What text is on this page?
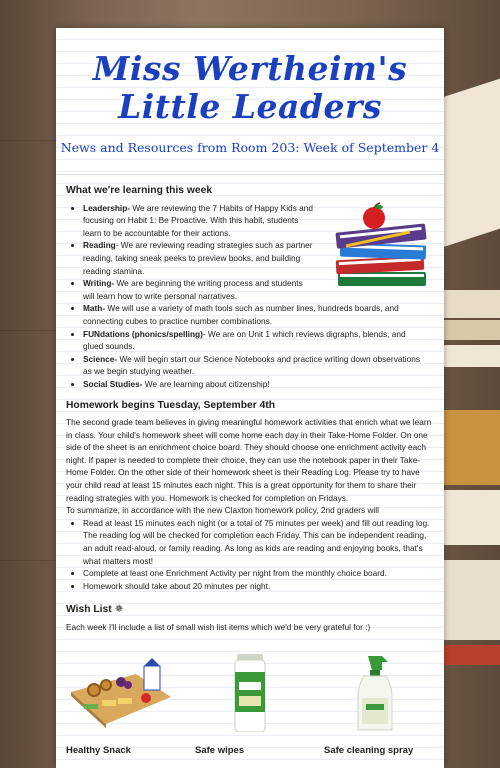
Miss Wertheim's
Little Leaders
News and Resources from Room 203: Week of September 4
What we're learning this week
• Leadership- We are reviewing the 7 Habits of Happy Kids and focusing on Habit 1: Be Proactive. With this habit, students learn to be accountable for their actions.
• Reading- We are reviewing reading strategies such as partner reading, taking sneak peeks to preview books, and building reading stamina.
• Writing- We are beginning the writing process and students will learn how to write personal narratives.
• Math- We will use a variety of math tools such as number lines, hundreds boards, and connecting cubes to practice number combinations.
• FUNdations (phonics/spelling)- We are on Unit 1 which reviews digraphs, blends, and glued sounds.
• Science- We will begin start our Science Notebooks and practice writing down observations as we begin studying weather.
• Social Studies- We are learning about citizenship!
Homework begins Tuesday, September 4th

The second grade team believes in giving meaningful homework activities that enrich what we learn in class. Your child's homework sheet will come home each day in their Take-Home Folder. On one side of the sheet is an enrichment choice board. They should choose one enrichment activity each night. If paper is needed to complete their choice, they can use the notebook paper in their Take-Home Folder. On the other side of their homework sheet is their Reading Log. Please try to have your child read at least 15 minutes each night. This is a great opportunity for them to share their reading strategies with you. Homework is checked for completion on Fridays.

To summarize, in accordance with the new Claxton homework policy, 2nd graders will

• Read at least 15 minutes each night (or a total of 75 minutes per week) and fill out reading log. The reading log will be checked for completion each Friday. This can be independent reading, an adult read-aloud, or family reading. As long as kids are reading and enjoying books, that's what matters most!
• Complete at least one Enrichment Activity per night from the monthly choice board.
• Homework should take about 20 minutes per night.
Wish List ✵

Each week I'll include a list of small wish list items which we'd be very grateful for :)

Healthy Snack	Safe wipes	Safe cleaning spray
